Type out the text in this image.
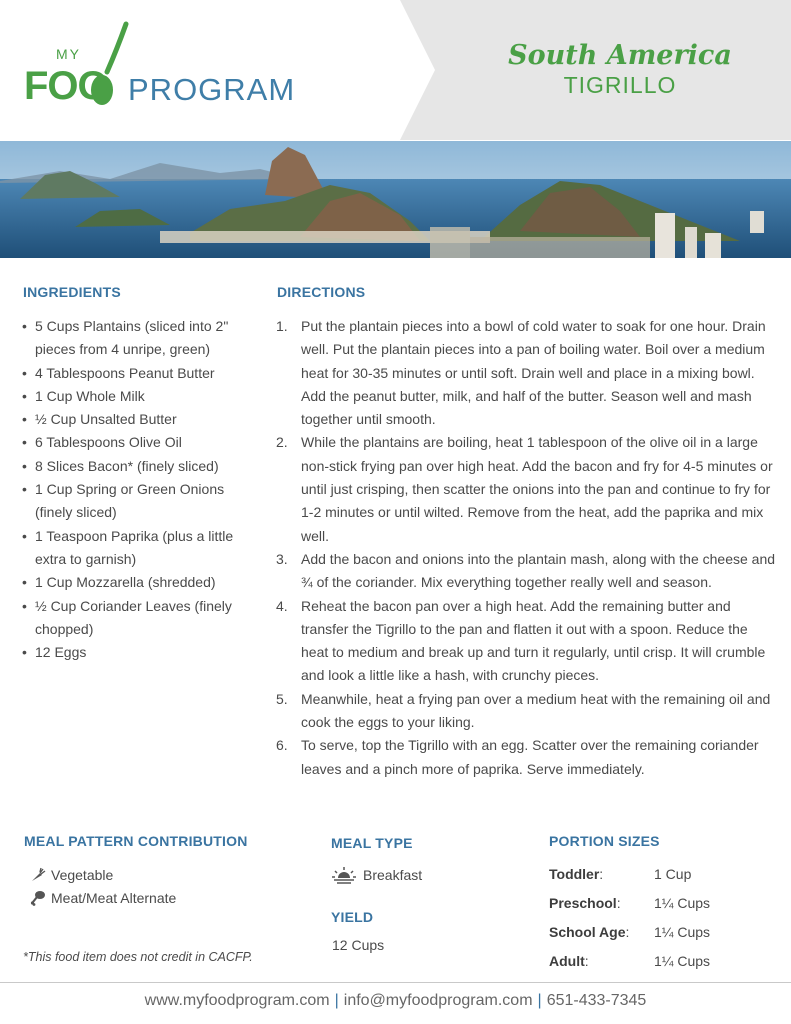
MY
FOO PROGRAM
South America
TIGRILLO
INGREDIENTS
• 5 Cups Plantains (sliced into 2" pieces from 4 unripe, green)
• 4 Tablespoons Peanut Butter
• 1 Cup Whole Milk
• ½ Cup Unsalted Butter
• 6 Tablespoons Olive Oil
• 8 Slices Bacon* (finely sliced)
• 1 Cup Spring or Green Onions (finely sliced)
• 1 Teaspoon Paprika (plus a little extra to garnish)
• 1 Cup Mozzarella (shredded)
• ½ Cup Coriander Leaves (finely chopped)
• 12 Eggs
DIRECTIONS
1. Put the plantain pieces into a bowl of cold water to soak for one hour. Drain well. Put the plantain pieces into a pan of boiling water. Boil over a medium heat for 30-35 minutes or until soft. Drain well and place in a mixing bowl. Add the peanut butter, milk, and half of the butter. Season well and mash together until smooth.
2. While the plantains are boiling, heat 1 tablespoon of the olive oil in a large non-stick frying pan over high heat. Add the bacon and fry for 4-5 minutes or until just crisping, then scatter the onions into the pan and continue to fry for 1-2 minutes or until wilted. Remove from the heat, add the paprika and mix well.
3. Add the bacon and onions into the plantain mash, along with the cheese and ¾ of the coriander. Mix everything together really well and season.
4. Reheat the bacon pan over a high heat. Add the remaining butter and transfer the Tigrillo to the pan and flatten it out with a spoon. Reduce the heat to medium and break up and turn it regularly, until crisp. It will crumble and look a little like a hash, with crunchy pieces.
5. Meanwhile, heat a frying pan over a medium heat with the remaining oil and cook the eggs to your liking.
6. To serve, top the Tigrillo with an egg. Scatter over the remaining coriander leaves and a pinch more of paprika. Serve immediately.
MEAL PATTERN CONTRIBUTION
Vegetable
Meat/Meat Alternate
*This food item does not credit in CACFP.
MEAL TYPE
Breakfast
YIELD
12 Cups
PORTION SIZES
Toddler:	1 Cup
Preschool:	1¼ Cups
School Age:	1¼ Cups
Adult:	1¼ Cups
www.myfoodprogram.com | info@myfoodprogram.com | 651-433-7345
